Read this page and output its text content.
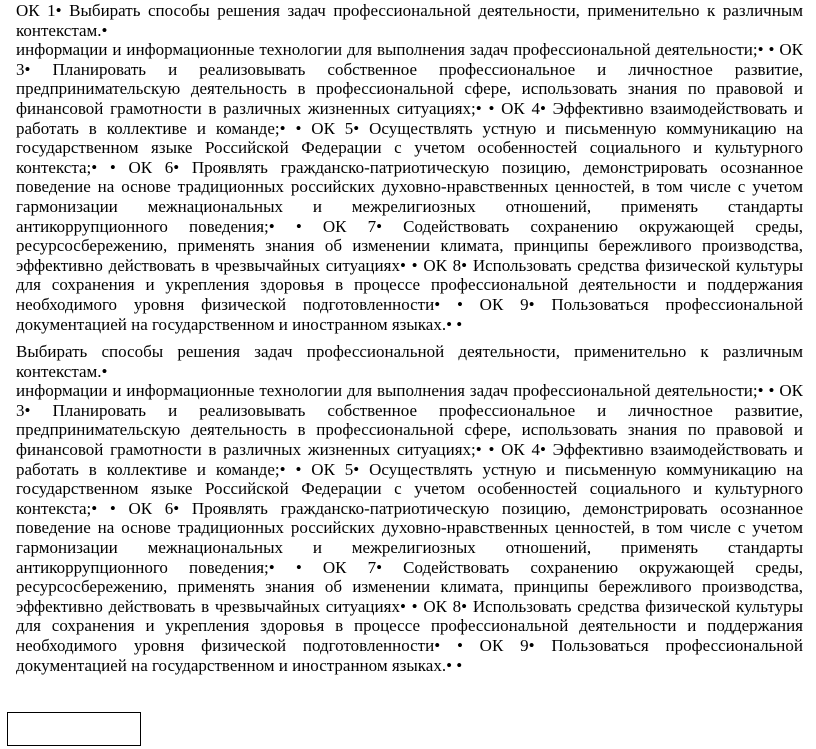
ОК 1• Выбирать способы решения задач профессиональной деятельности, применительно к различным контекстам.•

информации и информационные технологии для выполнения задач профессиональной деятельности;• • ОК 3• Планировать и реализовывать собственное профессиональное и личностное развитие, предпринимательскую деятельность в профессиональной сфере, использовать знания по правовой и финансовой грамотности в различных жизненных ситуациях;• • ОК 4• Эффективно взаимодействовать и работать в коллективе и команде;• • ОК 5• Осуществлять устную и письменную коммуникацию на государственном языке Российской Федерации с учетом особенностей социального и культурного контекста;• • ОК 6• Проявлять гражданско-патриотическую позицию, демонстрировать осознанное поведение на основе традиционных российских духовно-нравственных ценностей, в том числе с учетом гармонизации межнациональных и межрелигиозных отношений, применять стандарты антикоррупционного поведения;• • ОК 7• Содействовать сохранению окружающей среды, ресурсосбережению, применять знания об изменении климата, принципы бережливого производства, эффективно действовать в чрезвычайных ситуациях• • ОК 8• Использовать средства физической культуры для сохранения и укрепления здоровья в процессе профессиональной деятельности и поддержания необходимого уровня физической подготовленности• • ОК 9• Пользоваться профессиональной документацией на государственном и иностранном языках.• •

Выбирать способы решения задач профессиональной деятельности, применительно к различным контекстам.•

информации и информационные технологии для выполнения задач профессиональной деятельности;• • ОК 3• Планировать и реализовывать собственное профессиональное и личностное развитие, предпринимательскую деятельность в профессиональной сфере, использовать знания по правовой и финансовой грамотности в различных жизненных ситуациях;• • ОК 4• Эффективно взаимодействовать и работать в коллективе и команде;• • ОК 5• Осуществлять устную и письменную коммуникацию на государственном языке Российской Федерации с учетом особенностей социального и культурного контекста;• • ОК 6• Проявлять гражданско-патриотическую позицию, демонстрировать осознанное поведение на основе традиционных российских духовно-нравственных ценностей, в том числе с учетом гармонизации межнациональных и межрелигиозных отношений, применять стандарты антикоррупционного поведения;• • ОК 7• Содействовать сохранению окружающей среды, ресурсосбережению, применять знания об изменении климата, принципы бережливого производства, эффективно действовать в чрезвычайных ситуациях• • ОК 8• Использовать средства физической культуры для сохранения и укрепления здоровья в процессе профессиональной деятельности и поддержания необходимого уровня физической подготовленности• • ОК 9• Пользоваться профессиональной документацией на государственном и иностранном языках.• •
